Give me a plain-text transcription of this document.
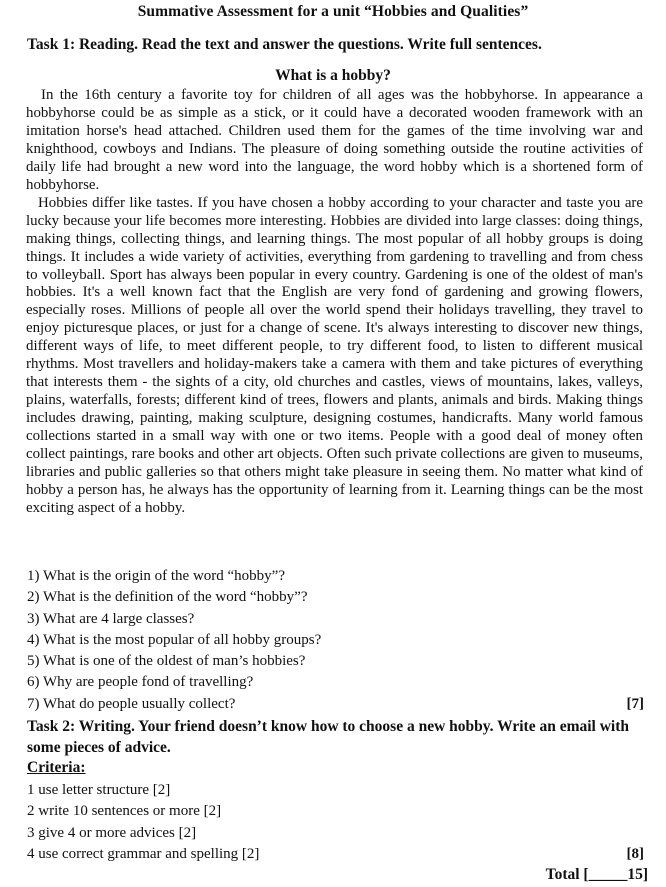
Summative Assessment for a unit “Hobbies and Qualities”
Task 1: Reading. Read the text and answer the questions. Write full sentences.
What is a hobby?

In the 16th century a favorite toy for children of all ages was the hobbyhorse. In appearance a hobbyhorse could be as simple as a stick, or it could have a decorated wooden framework with an imitation horse's head attached. Children used them for the games of the time involving war and knighthood, cowboys and Indians. The pleasure of doing something outside the routine activities of daily life had brought a new word into the language, the word hobby which is a shortened form of hobbyhorse.

Hobbies differ like tastes. If you have chosen a hobby according to your character and taste you are lucky because your life becomes more interesting. Hobbies are divided into large classes: doing things, making things, collecting things, and learning things. The most popular of all hobby groups is doing things. It includes a wide variety of activities, everything from gardening to travelling and from chess to volleyball. Sport has always been popular in every country. Gardening is one of the oldest of man's hobbies. It's a well known fact that the English are very fond of gardening and growing flowers, especially roses. Millions of people all over the world spend their holidays travelling, they travel to enjoy picturesque places, or just for a change of scene. It's always interesting to discover new things, different ways of life, to meet different people, to try different food, to listen to different musical rhythms. Most travellers and holiday-makers take a camera with them and take pictures of everything that interests them - the sights of a city, old churches and castles, views of mountains, lakes, valleys, plains, waterfalls, forests; different kind of trees, flowers and plants, animals and birds. Making things includes drawing, painting, making sculpture, designing costumes, handicrafts. Many world famous collections started in a small way with one or two items. People with a good deal of money often collect paintings, rare books and other art objects. Often such private collections are given to museums, libraries and public galleries so that others might take pleasure in seeing them. No matter what kind of hobby a person has, he always has the opportunity of learning from it. Learning things can be the most exciting aspect of a hobby.

1) What is the origin of the word “hobby”?
2) What is the definition of the word “hobby”?
3) What are 4 large classes?
4) What is the most popular of all hobby groups?
5) What is one of the oldest of man’s hobbies?
6) Why are people fond of travelling?
7) What do people usually collect?	[7]
Task 2: Writing. Your friend doesn’t know how to choose a new hobby. Write an email with some pieces of advice.
Criteria:
1 use letter structure [2]
2 write 10 sentences or more [2]
3 give 4 or more advices [2]
4 use correct grammar and spelling [2]	[8]
Total [_____15]
